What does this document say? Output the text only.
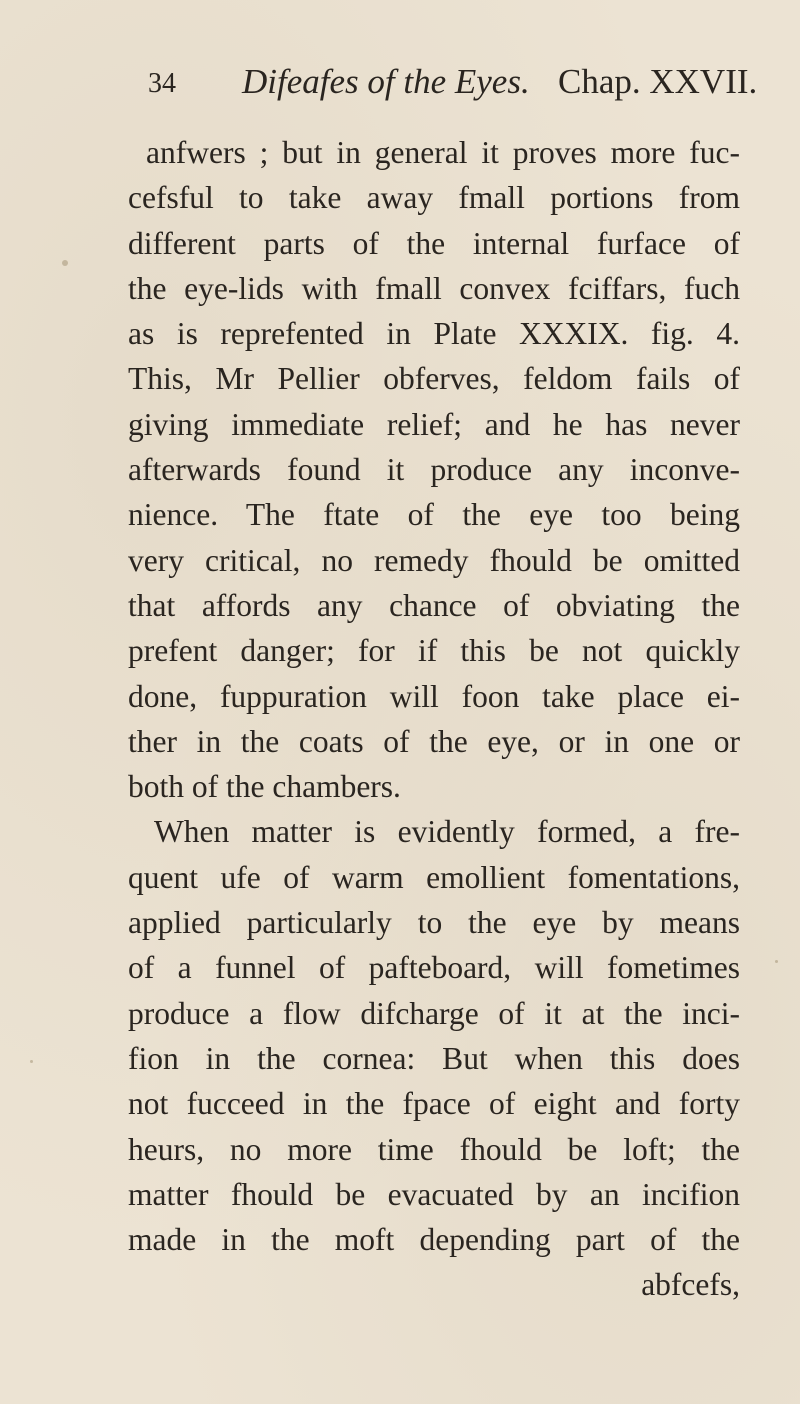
34 Difeafes of the Eyes. Chap. XXVII.
anfwers ; but in general it proves more fuc-
cefsful to take away fmall portions from
different parts of the internal furface of
the eye-lids with fmall convex fciffars, fuch
as is reprefented in Plate XXXIX. fig. 4.
This, Mr Pellier obferves, feldom fails of
giving immediate relief; and he has never
afterwards found it produce any inconve-
nience. The ftate of the eye too being
very critical, no remedy fhould be omitted
that affords any chance of obviating the
prefent danger; for if this be not quickly
done, fuppuration will foon take place ei-
ther in the coats of the eye, or in one or
both of the chambers.
When matter is evidently formed, a fre-
quent ufe of warm emollient fomentations,
applied particularly to the eye by means
of a funnel of pafteboard, will fometimes
produce a flow difcharge of it at the inci-
fion in the cornea: But when this does
not fucceed in the fpace of eight and forty
heurs, no more time fhould be loft; the
matter fhould be evacuated by an incifion
made in the moft depending part of the
abfcefs,
